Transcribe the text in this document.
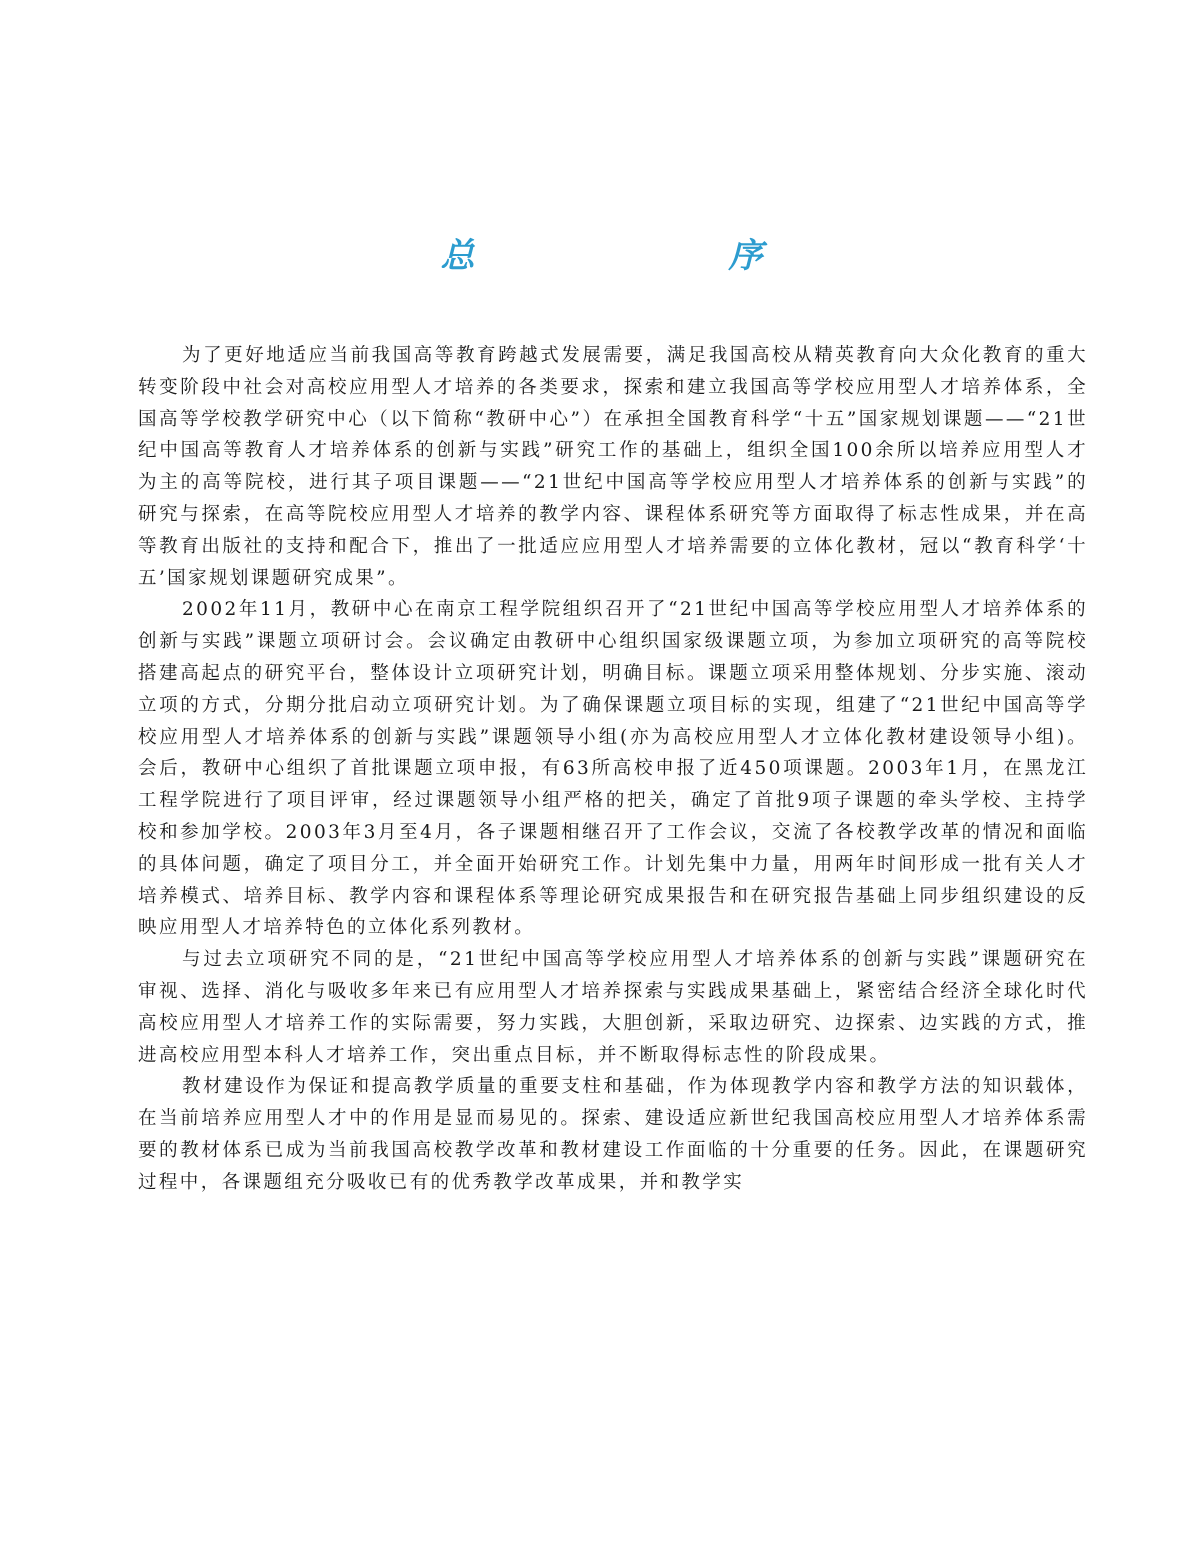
总　序

为了更好地适应当前我国高等教育跨越式发展需要，满足我国高校从精英教育向大众化教育的重大转变阶段中社会对高校应用型人才培养的各类要求，探索和建立我国高等学校应用型人才培养体系，全国高等学校教学研究中心（以下简称“教研中心”）在承担全国教育科学“十五”国家规划课题——“21世纪中国高等教育人才培养体系的创新与实践”研究工作的基础上，组织全国100余所以培养应用型人才为主的高等院校，进行其子项目课题——“21世纪中国高等学校应用型人才培养体系的创新与实践”的研究与探索，在高等院校应用型人才培养的教学内容、课程体系研究等方面取得了标志性成果，并在高等教育出版社的支持和配合下，推出了一批适应应用型人才培养需要的立体化教材，冠以“教育科学‘十五’国家规划课题研究成果”。

2002年11月，教研中心在南京工程学院组织召开了“21世纪中国高等学校应用型人才培养体系的创新与实践”课题立项研讨会。会议确定由教研中心组织国家级课题立项，为参加立项研究的高等院校搭建高起点的研究平台，整体设计立项研究计划，明确目标。课题立项采用整体规划、分步实施、滚动立项的方式，分期分批启动立项研究计划。为了确保课题立项目标的实现，组建了“21世纪中国高等学校应用型人才培养体系的创新与实践”课题领导小组(亦为高校应用型人才立体化教材建设领导小组)。会后，教研中心组织了首批课题立项申报，有63所高校申报了近450项课题。2003年1月，在黑龙江工程学院进行了项目评审，经过课题领导小组严格的把关，确定了首批9项子课题的牵头学校、主持学校和参加学校。2003年3月至4月，各子课题相继召开了工作会议，交流了各校教学改革的情况和面临的具体问题，确定了项目分工，并全面开始研究工作。计划先集中力量，用两年时间形成一批有关人才培养模式、培养目标、教学内容和课程体系等理论研究成果报告和在研究报告基础上同步组织建设的反映应用型人才培养特色的立体化系列教材。

与过去立项研究不同的是，“21世纪中国高等学校应用型人才培养体系的创新与实践”课题研究在审视、选择、消化与吸收多年来已有应用型人才培养探索与实践成果基础上，紧密结合经济全球化时代高校应用型人才培养工作的实际需要，努力实践，大胆创新，采取边研究、边探索、边实践的方式，推进高校应用型本科人才培养工作，突出重点目标，并不断取得标志性的阶段成果。

教材建设作为保证和提高教学质量的重要支柱和基础，作为体现教学内容和教学方法的知识载体，在当前培养应用型人才中的作用是显而易见的。探索、建设适应新世纪我国高校应用型人才培养体系需要的教材体系已成为当前我国高校教学改革和教材建设工作面临的十分重要的任务。因此，在课题研究过程中，各课题组充分吸收已有的优秀教学改革成果，并和教学实
